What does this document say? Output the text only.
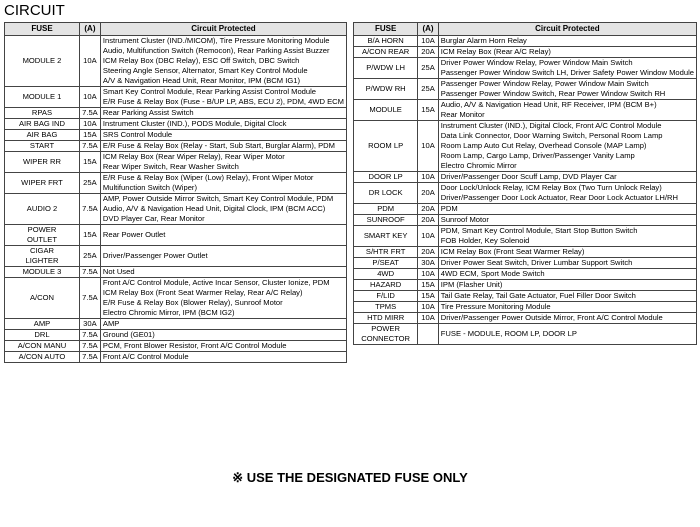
CIRCUIT
FUSE	(A)	Circuit Protected
MODULE 2	10A	Instrument Cluster (IND./MICOM), Tire Pressure Monitoring Module
Audio, Multifunction Switch (Remocon), Rear Parking Assist Buzzer
ICM Relay Box (DBC Relay), ESC Off Switch, DBC Switch
Steering Angle Sensor, Alternator, Smart Key Control Module
A/V & Navigation Head Unit, Rear Monitor, IPM (BCM IG1)

MODULE 1	10A	Smart Key Control Module, Rear Parking Assist Control Module
E/R Fuse & Relay Box (Fuse - B/UP LP, ABS, ECU 2), PDM, 4WD ECM

RPAS	7.5A	Rear Parking Assist Switch

AIR BAG IND	10A	Instrument Cluster (IND.), PODS Module, Digital Clock

AIR BAG	15A	SRS Control Module

START	7.5A	E/R Fuse & Relay Box (Relay - Start, Sub Start, Burglar Alarm), PDM

WIPER RR	15A	ICM Relay Box (Rear Wiper Relay), Rear Wiper Motor
Rear Wiper Switch, Rear Washer Switch

WIPER FRT	25A	E/R Fuse & Relay Box (Wiper (Low) Relay), Front Wiper Motor
Multifunction Switch (Wiper)

AUDIO 2	7.5A	AMP, Power Outside Mirror Switch, Smart Key Control Module, PDM
Audio, A/V & Navigation Head Unit, Digital Clock, IPM (BCM ACC)
DVD Player Car, Rear Monitor

POWER
OUTLET	15A	Rear Power Outlet

CIGAR
LIGHTER	25A	Driver/Passenger Power Outlet

MODULE 3	7.5A	Not Used

A/CON	7.5A	Front A/C Control Module, Active Incar Sensor, Cluster Ionize, PDM
ICM Relay Box (Front Seat Warmer Relay, Rear A/C Relay)
E/R Fuse & Relay Box (Blower Relay), Sunroof Motor
Electro Chromic Mirror, IPM (BCM IG2)

AMP	30A	AMP

DRL	7.5A	Ground (GE01)

A/CON MANU	7.5A	PCM, Front Blower Resistor, Front A/C Control Module

A/CON AUTO	7.5A	Front A/C Control Module
FUSE	(A)	Circuit Protected
B/A HORN	10A	Burglar Alarm Horn Relay

A/CON REAR	20A	ICM Relay Box (Rear A/C Relay)

P/WDW LH	25A	Driver Power Window Relay, Power Window Main Switch
Passenger Power Window Switch LH, Driver Safety Power Window Module

P/WDW RH	25A	Passenger Power Window Relay, Power Window Main Switch
Passenger Power Window Switch, Rear Power Window Switch RH

MODULE	15A	Audio, A/V & Navigation Head Unit, RF Receiver, IPM (BCM B+)
Rear Monitor

ROOM LP	10A	Instrument Cluster (IND.), Digital Clock, Front A/C Control Module
Data Link Connector, Door Warning Switch, Personal Room Lamp
Room Lamp Auto Cut Relay, Overhead Console (MAP Lamp)
Room Lamp, Cargo Lamp, Driver/Passenger Vanity Lamp
Electro Chromic Mirror

DOOR LP	10A	Driver/Passenger Door Scuff Lamp, DVD Player Car

DR LOCK	20A	Door Lock/Unlock Relay, ICM Relay Box (Two Turn Unlock Relay)
Driver/Passenger Door Lock Actuator, Rear Door Lock Actuator LH/RH

PDM	20A	PDM

SUNROOF	20A	Sunroof Motor

SMART KEY	10A	PDM, Smart Key Control Module, Start Stop Button Switch
FOB Holder, Key Solenoid

S/HTR FRT	20A	ICM Relay Box (Front Seat Warmer Relay)

P/SEAT	30A	Driver Power Seat Switch, Driver Lumbar Support Switch

4WD	10A	4WD ECM, Sport Mode Switch

HAZARD	15A	IPM (Flasher Unit)

F/LID	15A	Tail Gate Relay, Tail Gate Actuator, Fuel Filler Door Switch

TPMS	10A	Tire Pressure Monitoring Module

HTD MIRR	10A	Driver/Passenger Power Outside Mirror, Front A/C Control Module

POWER
CONNECTOR		FUSE - MODULE, ROOM LP, DOOR LP
※ USE THE DESIGNATED FUSE ONLY
